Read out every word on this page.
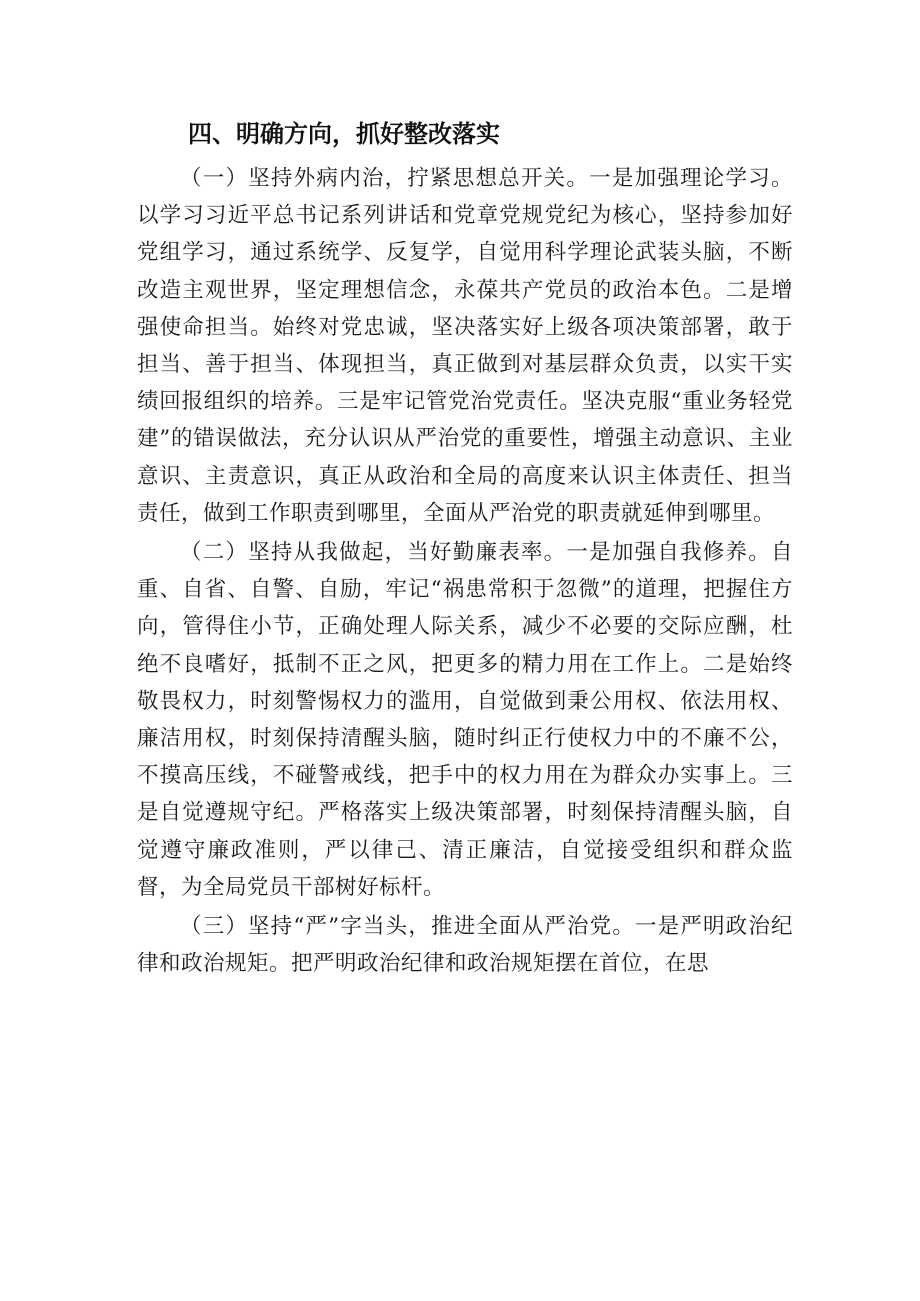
四、明确方向，抓好整改落实

（一）坚持外病内治，拧紧思想总开关。一是加强理论学习。以学习习近平总书记系列讲话和党章党规党纪为核心，坚持参加好党组学习，通过系统学、反复学，自觉用科学理论武装头脑，不断改造主观世界，坚定理想信念，永葆共产党员的政治本色。二是增强使命担当。始终对党忠诚，坚决落实好上级各项决策部署，敢于担当、善于担当、体现担当，真正做到对基层群众负责，以实干实绩回报组织的培养。三是牢记管党治党责任。坚决克服“重业务轻党建”的错误做法，充分认识从严治党的重要性，增强主动意识、主业意识、主责意识，真正从政治和全局的高度来认识主体责任、担当责任，做到工作职责到哪里，全面从严治党的职责就延伸到哪里。

（二）坚持从我做起，当好勤廉表率。一是加强自我修养。自重、自省、自警、自励，牢记“祸患常积于忽微”的道理，把握住方向，管得住小节，正确处理人际关系，减少不必要的交际应酬，杜绝不良嗜好，抵制不正之风，把更多的精力用在工作上。二是始终敬畏权力，时刻警惕权力的滥用，自觉做到秉公用权、依法用权、廉洁用权，时刻保持清醒头脑，随时纠正行使权力中的不廉不公，不摸高压线，不碰警戒线，把手中的权力用在为群众办实事上。三是自觉遵规守纪。严格落实上级决策部署，时刻保持清醒头脑，自觉遵守廉政准则，严以律己、清正廉洁，自觉接受组织和群众监督，为全局党员干部树好标杆。

（三）坚持“严”字当头，推进全面从严治党。一是严明政治纪律和政治规矩。把严明政治纪律和政治规矩摆在首位，在思
